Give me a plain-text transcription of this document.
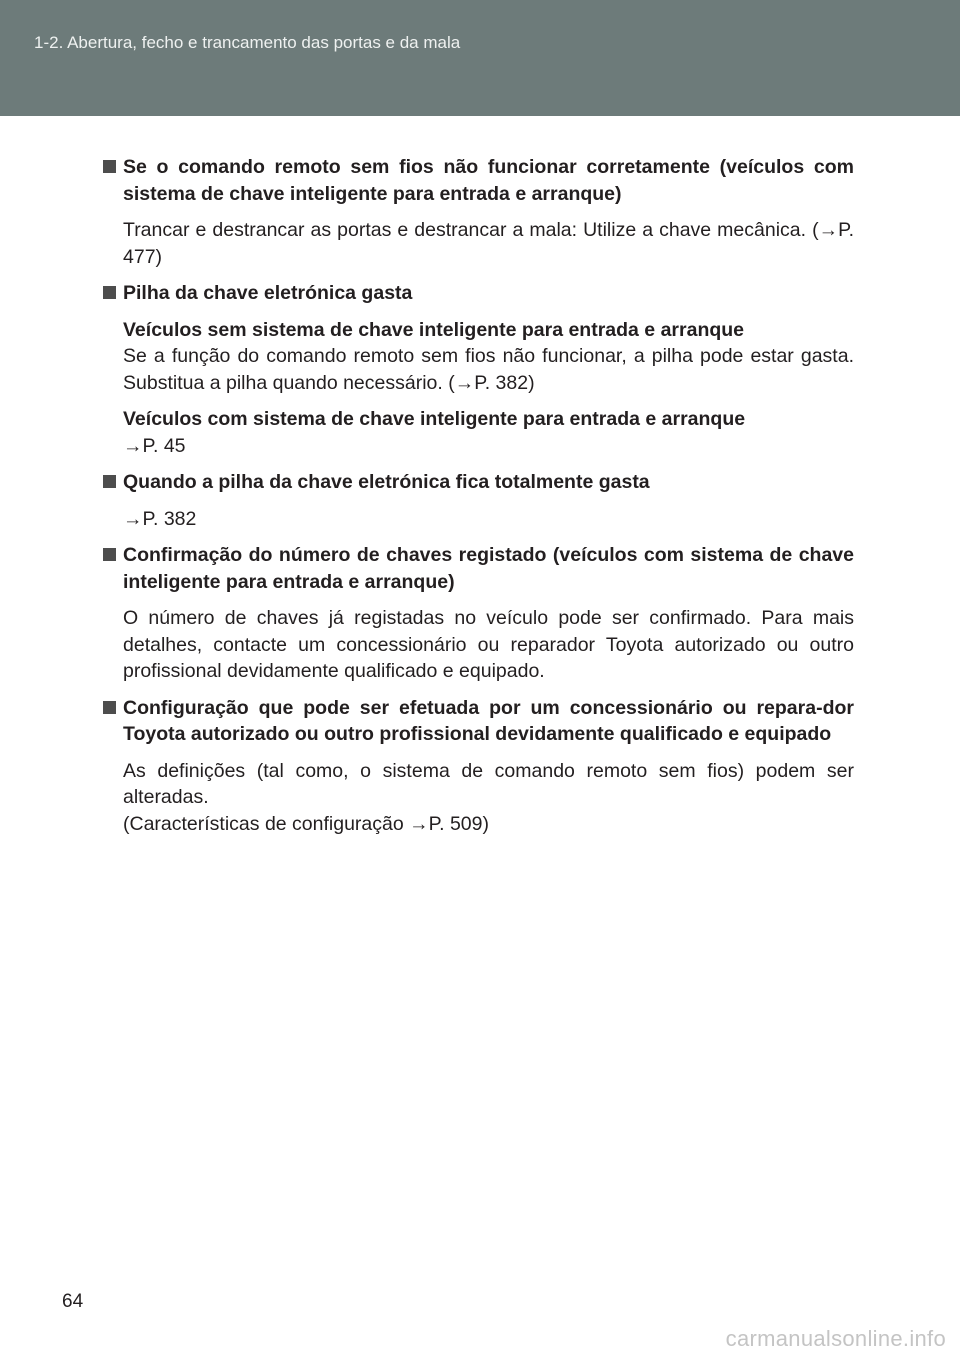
1-2. Abertura, fecho e trancamento das portas e da mala
Se o comando remoto sem fios não funcionar corretamente (veículos com sistema de chave inteligente para entrada e arranque)
Trancar e destrancar as portas e destrancar a mala: Utilize a chave mecânica. (→P. 477)
Pilha da chave eletrónica gasta
Veículos sem sistema de chave inteligente para entrada e arranque
Se a função do comando remoto sem fios não funcionar, a pilha pode estar gasta. Substitua a pilha quando necessário. (→P. 382)
Veículos com sistema de chave inteligente para entrada e arranque
→P. 45
Quando a pilha da chave eletrónica fica totalmente gasta
→P. 382
Confirmação do número de chaves registado (veículos com sistema de chave inteligente para entrada e arranque)
O número de chaves já registadas no veículo pode ser confirmado. Para mais detalhes, contacte um concessionário ou reparador Toyota autorizado ou outro profissional devidamente qualificado e equipado.
Configuração que pode ser efetuada por um concessionário ou repara-dor Toyota autorizado ou outro profissional devidamente qualificado e equipado
As definições (tal como, o sistema de comando remoto sem fios) podem ser alteradas.
(Características de configuração →P. 509)
64
carmanualsonline.info
